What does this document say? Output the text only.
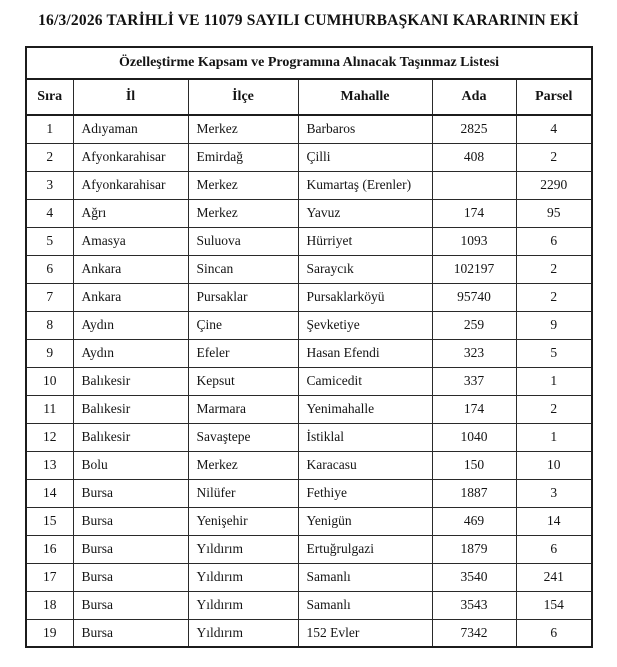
16/3/2026 TARİHLİ VE 11079 SAYILI CUMHURBAŞKANI KARARININ EKİ
Özelleştirme Kapsam ve Programına Alınacak Taşınmaz Listesi					
Sıra	İl	İlçe	Mahalle	Ada	Parsel
1	Adıyaman	Merkez	Barbaros	2825	4
2	Afyonkarahisar	Emirdağ	Çilli	408	2
3	Afyonkarahisar	Merkez	Kumartaş (Erenler)		2290
4	Ağrı	Merkez	Yavuz	174	95
5	Amasya	Suluova	Hürriyet	1093	6
6	Ankara	Sincan	Saraycık	102197	2
7	Ankara	Pursaklar	Pursaklarköyü	95740	2
8	Aydın	Çine	Şevketiye	259	9
9	Aydın	Efeler	Hasan Efendi	323	5
10	Balıkesir	Kepsut	Camicedit	337	1
11	Balıkesir	Marmara	Yenimahalle	174	2
12	Balıkesir	Savaştepe	İstiklal	1040	1
13	Bolu	Merkez	Karacasu	150	10
14	Bursa	Nilüfer	Fethiye	1887	3
15	Bursa	Yenişehir	Yenigün	469	14
16	Bursa	Yıldırım	Ertuğrulgazi	1879	6
17	Bursa	Yıldırım	Samanlı	3540	241
18	Bursa	Yıldırım	Samanlı	3543	154
19	Bursa	Yıldırım	152 Evler	7342	6
